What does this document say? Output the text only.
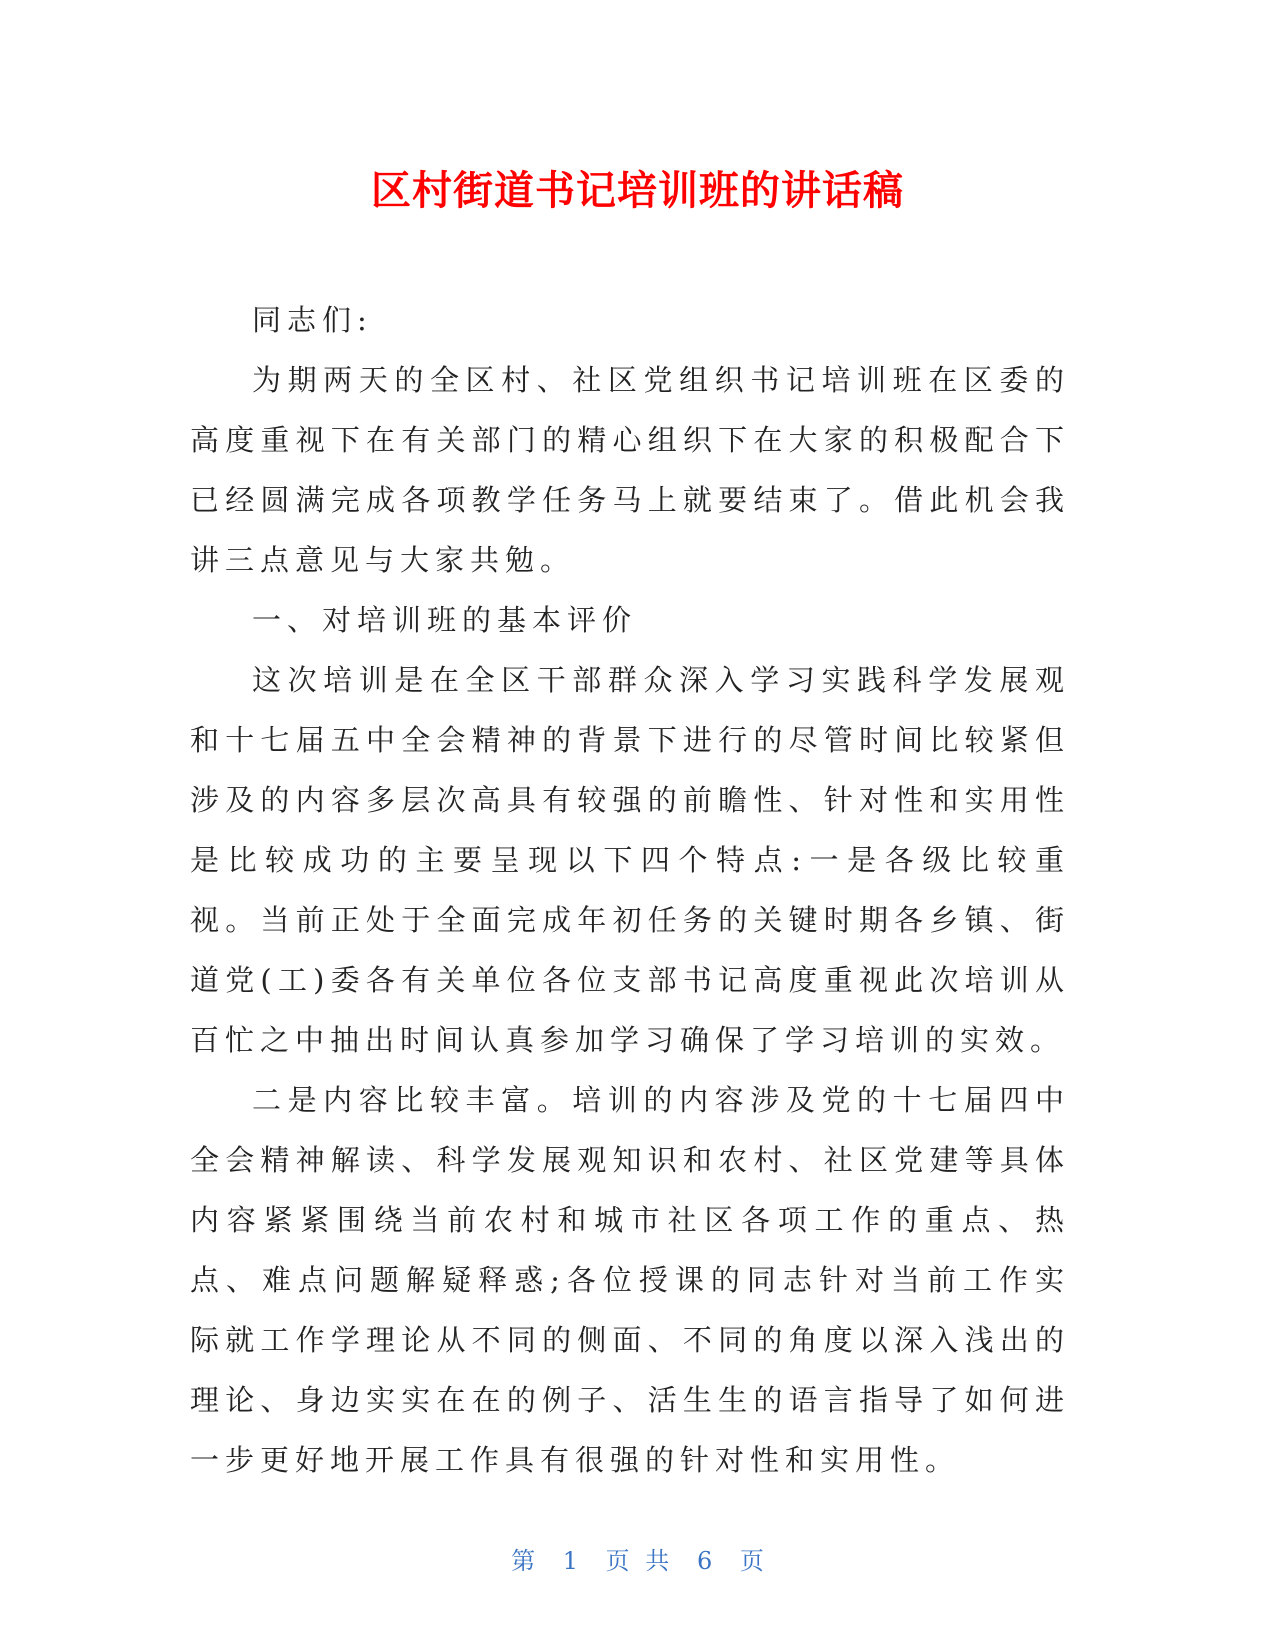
区村街道书记培训班的讲话稿

同志们:

为期两天的全区村、社区党组织书记培训班在区委的高度重视下在有关部门的精心组织下在大家的积极配合下已经圆满完成各项教学任务马上就要结束了。借此机会我讲三点意见与大家共勉。

一、对培训班的基本评价

这次培训是在全区干部群众深入学习实践科学发展观和十七届五中全会精神的背景下进行的尽管时间比较紧但涉及的内容多层次高具有较强的前瞻性、针对性和实用性是比较成功的主要呈现以下四个特点:一是各级比较重视。当前正处于全面完成年初任务的关键时期各乡镇、街道党(工)委各有关单位各位支部书记高度重视此次培训从百忙之中抽出时间认真参加学习确保了学习培训的实效。

二是内容比较丰富。培训的内容涉及党的十七届四中全会精神解读、科学发展观知识和农村、社区党建等具体内容紧紧围绕当前农村和城市社区各项工作的重点、热点、难点问题解疑释惑;各位授课的同志针对当前工作实际就工作学理论从不同的侧面、不同的角度以深入浅出的理论、身边实实在在的例子、活生生的语言指导了如何进一步更好地开展工作具有很强的针对性和实用性。

第 1 页 共 6 页
